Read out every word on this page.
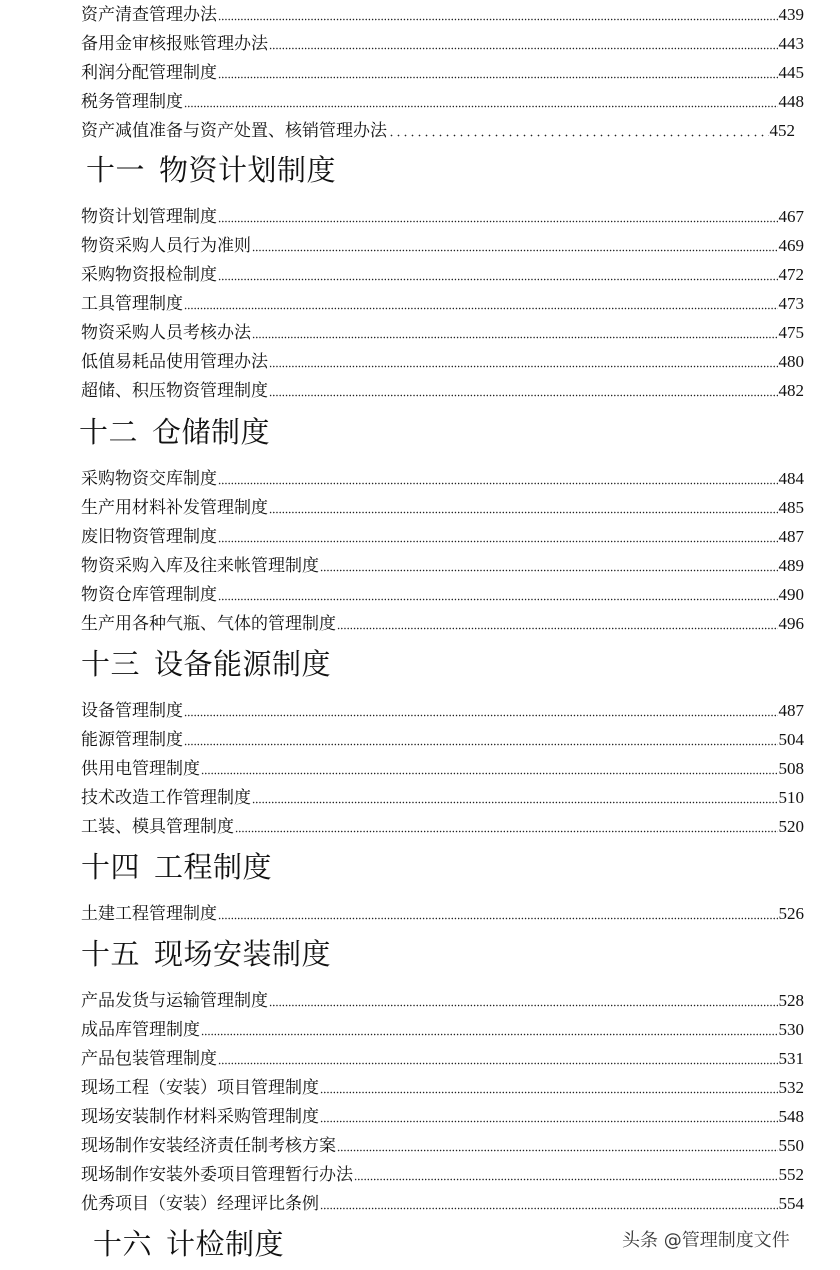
资产清查管理办法	439
备用金审核报账管理办法	443
利润分配管理制度	445
税务管理制度	448
资产减值准备与资产处置、核销管理办法	452
十一 物资计划制度
物资计划管理制度	467
物资采购人员行为准则	469
采购物资报检制度	472
工具管理制度	473
物资采购人员考核办法	475
低值易耗品使用管理办法	480
超储、积压物资管理制度	482
十二 仓储制度
采购物资交库制度	484
生产用材料补发管理制度	485
废旧物资管理制度	487
物资采购入库及往来帐管理制度	489
物资仓库管理制度	490
生产用各种气瓶、气体的管理制度	496
十三 设备能源制度
设备管理制度	487
能源管理制度	504
供用电管理制度	508
技术改造工作管理制度	510
工装、模具管理制度	520
十四 工程制度
土建工程管理制度	526
十五 现场安装制度
产品发货与运输管理制度	528
成品库管理制度	530
产品包装管理制度	531
现场工程（安装）项目管理制度	532
现场安装制作材料采购管理制度	548
现场制作安装经济责任制考核方案	550
现场制作安装外委项目管理暂行办法	552
优秀项目（安装）经理评比条例	554
十六 计检制度	头条 @管理制度文件
